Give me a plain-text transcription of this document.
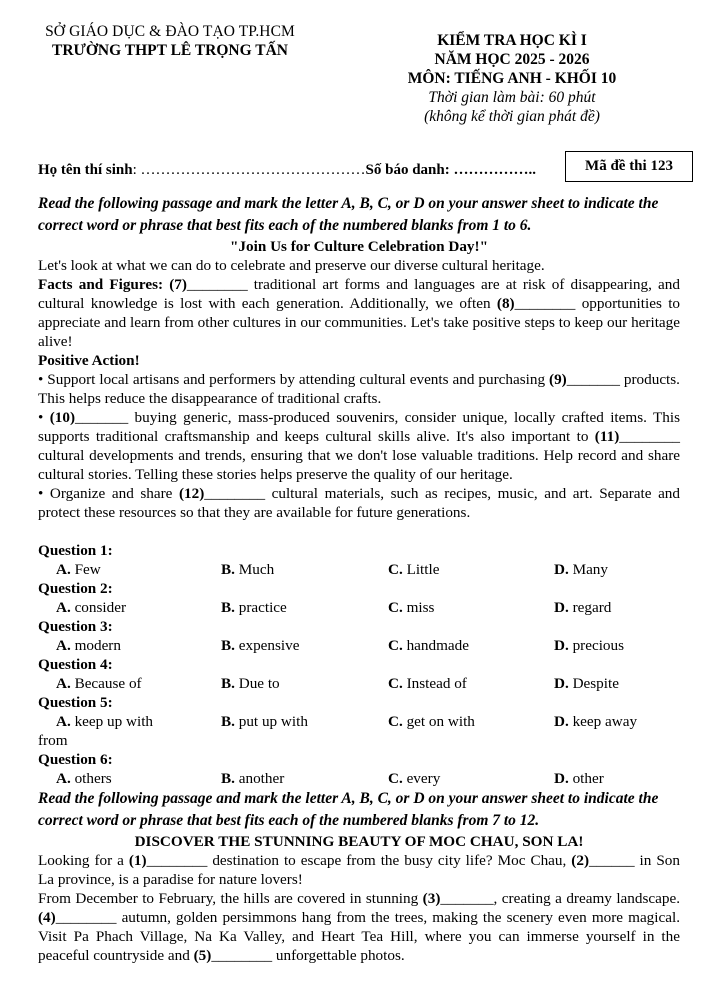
SỞ GIÁO DỤC & ĐÀO TẠO TP.HCM
TRƯỜNG THPT LÊ TRỌNG TẤN
KIỂM TRA HỌC KÌ I
NĂM HỌC 2025 - 2026
MÔN: TIẾNG ANH - KHỐI 10
Thời gian làm bài: 60 phút
(không kể thời gian phát đề)
Họ tên thí sinh: ………………………………………Số báo danh: ……………..	Mã đề thi 123

Read the following passage and mark the letter A, B, C, or D on your answer sheet to indicate the correct word or phrase that best fits each of the numbered blanks from 1 to 6.

"Join Us for Culture Celebration Day!"

Let's look at what we can do to celebrate and preserve our diverse cultural heritage.

Facts and Figures: (7)________ traditional art forms and languages are at risk of disappearing, and cultural knowledge is lost with each generation. Additionally, we often (8)________ opportunities to appreciate and learn from other cultures in our communities. Let's take positive steps to keep our heritage alive!

Positive Action!

• Support local artisans and performers by attending cultural events and purchasing (9)_______ products. This helps reduce the disappearance of traditional crafts.

• (10)_______ buying generic, mass-produced souvenirs, consider unique, locally crafted items. This supports traditional craftsmanship and keeps cultural skills alive. It's also important to (11)________ cultural developments and trends, ensuring that we don't lose valuable traditions. Help record and share cultural stories. Telling these stories helps preserve the quality of our heritage.

• Organize and share (12)________ cultural materials, such as recipes, music, and art. Separate and protect these resources so that they are available for future generations.

Question 1:
A. Few	B. Much	C. Little	D. Many
Question 2:
A. consider	B. practice	C. miss	D. regard
Question 3:
A. modern	B. expensive	C. handmade	D. precious
Question 4:
A. Because of	B. Due to	C. Instead of	D. Despite
Question 5:
A. keep up with	B. put up with	C. get on with	D. keep away
from
Question 6:
A. others	B. another	C. every	D. other

Read the following passage and mark the letter A, B, C, or D on your answer sheet to indicate the correct word or phrase that best fits each of the numbered blanks from 7 to 12.

DISCOVER THE STUNNING BEAUTY OF MOC CHAU, SON LA!

Looking for a (1)________ destination to escape from the busy city life? Moc Chau, (2)______ in Son La province, is a paradise for nature lovers!

From December to February, the hills are covered in stunning (3)_______, creating a dreamy landscape. (4)________ autumn, golden persimmons hang from the trees, making the scenery even more magical. Visit Pa Phach Village, Na Ka Valley, and Heart Tea Hill, where you can immerse yourself in the peaceful countryside and (5)________ unforgettable photos.
